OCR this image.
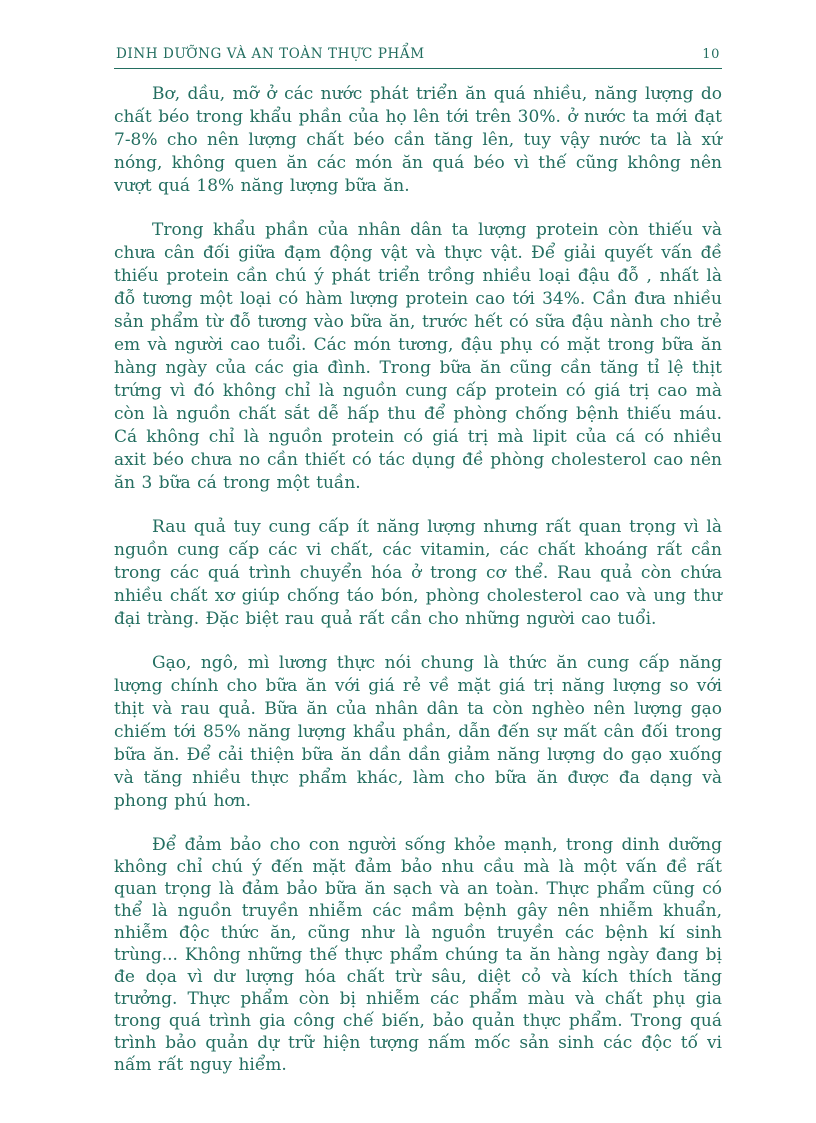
DINH DƯỠNG VÀ AN TOÀN THỰC PHẨM	10

Bơ, dầu, mỡ ở các nước phát triển ăn quá nhiều, năng lượng do chất béo trong khẩu phần của họ lên tới trên 30%. ở nước ta mới đạt 7-8% cho nên lượng chất béo cần tăng lên, tuy vậy nước ta là xứ nóng, không quen ăn các món ăn quá béo vì thế cũng không nên vượt quá 18% năng lượng bữa ăn.

Trong khẩu phần của nhân dân ta lượng protein còn thiếu và chưa cân đối giữa đạm động vật và thực vật. Để giải quyết vấn đề thiếu protein cần chú ý phát triển trồng nhiều loại đậu đỗ , nhất là đỗ tương một loại có hàm lượng protein cao tới 34%. Cần đưa nhiều sản phẩm từ đỗ tương vào bữa ăn, trước hết có sữa đậu nành cho trẻ em và người cao tuổi. Các món tương, đậu phụ có mặt trong bữa ăn hàng ngày của các gia đình. Trong bữa ăn cũng cần tăng tỉ lệ thịt trứng vì đó không chỉ là nguồn cung cấp protein có giá trị cao mà còn là nguồn chất sắt dễ hấp thu để phòng chống bệnh thiếu máu. Cá không chỉ là nguồn protein có giá trị mà lipit của cá có nhiều axit béo chưa no cần thiết có tác dụng đề phòng cholesterol cao nên ăn 3 bữa cá trong một tuần.

Rau quả tuy cung cấp ít năng lượng nhưng rất quan trọng vì là nguồn cung cấp các vi chất, các vitamin, các chất khoáng rất cần trong các quá trình chuyển hóa ở trong cơ thể. Rau quả còn chứa nhiều chất xơ giúp chống táo bón, phòng cholesterol cao và ung thư đại tràng. Đặc biệt rau quả rất cần cho những người cao tuổi.

Gạo, ngô, mì lương thực nói chung là thức ăn cung cấp năng lượng chính cho bữa ăn với giá rẻ về mặt giá trị năng lượng so với thịt và rau quả. Bữa ăn của nhân dân ta còn nghèo nên lượng gạo chiếm tới 85% năng lượng khẩu phần, dẫn đến sự mất cân đối trong bữa ăn. Để cải thiện bữa ăn dần dần giảm năng lượng do gạo xuống và tăng nhiều thực phẩm khác, làm cho bữa ăn được đa dạng và phong phú hơn.

Để đảm bảo cho con người sống khỏe mạnh, trong dinh dưỡng không chỉ chú ý đến mặt đảm bảo nhu cầu mà là một vấn đề rất quan trọng là đảm bảo bữa ăn sạch và an toàn. Thực phẩm cũng có thể là nguồn truyền nhiễm các mầm bệnh gây nên nhiễm khuẩn, nhiễm độc thức ăn, cũng như là nguồn truyền các bệnh kí sinh trùng... Không những thế thực phẩm chúng ta ăn hàng ngày đang bị đe dọa vì dư lượng hóa chất trừ sâu, diệt cỏ và kích thích tăng trưởng. Thực phẩm còn bị nhiễm các phẩm màu và chất phụ gia trong quá trình gia công chế biến, bảo quản thực phẩm. Trong quá trình bảo quản dự trữ hiện tượng nấm mốc sản sinh các độc tố vi nấm rất nguy hiểm.
